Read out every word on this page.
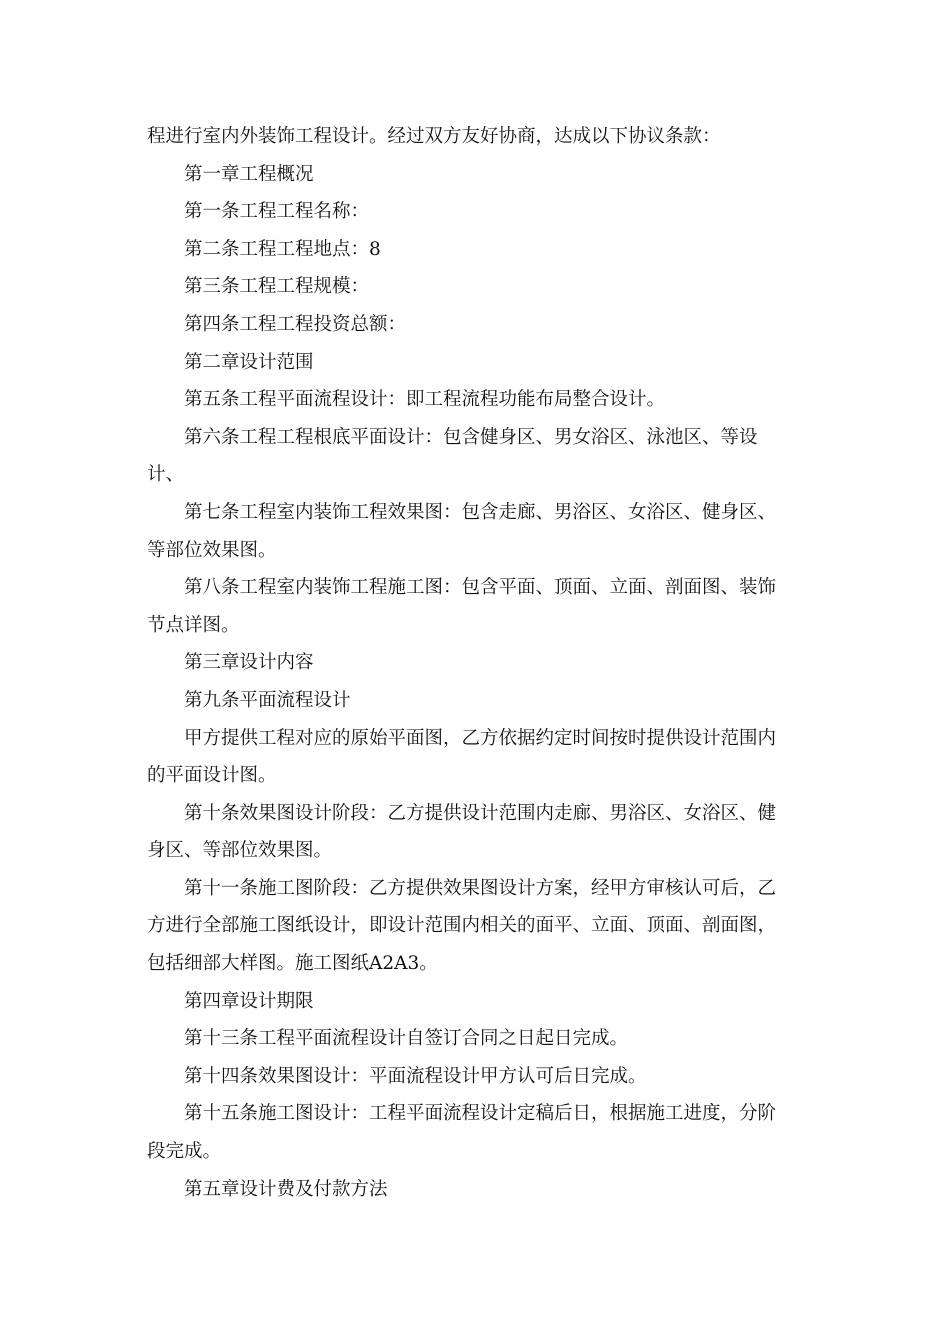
程进行室内外装饰工程设计。经过双方友好协商，达成以下协议条款：

第一章工程概况

第一条工程工程名称：

第二条工程工程地点：8

第三条工程工程规模：

第四条工程工程投资总额：

第二章设计范围

第五条工程平面流程设计：即工程流程功能布局整合设计。

第六条工程工程根底平面设计：包含健身区、男女浴区、泳池区、等设

计、

第七条工程室内装饰工程效果图：包含走廊、男浴区、女浴区、健身区、

等部位效果图。

第八条工程室内装饰工程施工图：包含平面、顶面、立面、剖面图、装饰

节点详图。

第三章设计内容

第九条平面流程设计

甲方提供工程对应的原始平面图，乙方依据约定时间按时提供设计范围内

的平面设计图。

第十条效果图设计阶段：乙方提供设计范围内走廊、男浴区、女浴区、健

身区、等部位效果图。

第十一条施工图阶段：乙方提供效果图设计方案，经甲方审核认可后，乙

方进行全部施工图纸设计，即设计范围内相关的面平、立面、顶面、剖面图，

包括细部大样图。施工图纸A2A3。

第四章设计期限

第十三条工程平面流程设计自签订合同之日起日完成。

第十四条效果图设计：平面流程设计甲方认可后日完成。

第十五条施工图设计：工程平面流程设计定稿后日，根据施工进度，分阶

段完成。

第五章设计费及付款方法
